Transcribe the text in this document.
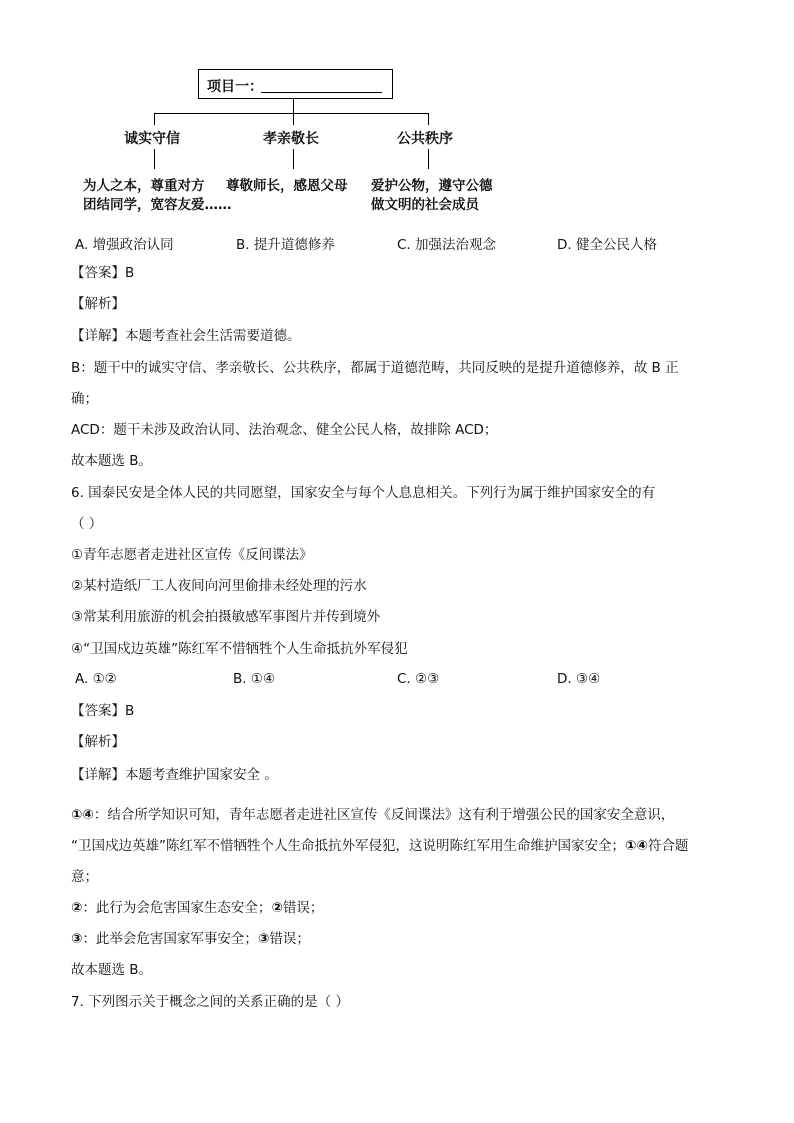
项目一：
诚实守信	孝亲敬长	公共秩序
为人之本，尊重对方
团结同学，宽容友爱……
尊敬师长，感恩父母 爱护公物，遵守公德
做文明的社会成员
A. 增强政治认同	B. 提升道德修养	C. 加强法治观念	D. 健全公民人格
【答案】B
【解析】
【详解】本题考查社会生活需要道德。
B：题干中的诚实守信、孝亲敬长、公共秩序，都属于道德范畴，共同反映的是提升道德修养，故 B 正
确；
ACD：题干未涉及政治认同、法治观念、健全公民人格，故排除 ACD；
故本题选 B。
6. 国泰民安是全体人民的共同愿望，国家安全与每个人息息相关。下列行为属于维护国家安全的有
（ ）
①青年志愿者走进社区宣传《反间谍法》
②某村造纸厂工人夜间向河里偷排未经处理的污水
③常某利用旅游的机会拍摄敏感军事图片并传到境外
④“卫国戍边英雄”陈红军不惜牺牲个人生命抵抗外军侵犯
A. ①②	B. ①④	C. ②③	D. ③④
【答案】B
【解析】
【详解】本题考查维护国家安全 。
①④：结合所学知识可知，青年志愿者走进社区宣传《反间谍法》这有利于增强公民的国家安全意识，
“卫国戍边英雄”陈红军不惜牺牲个人生命抵抗外军侵犯，这说明陈红军用生命维护国家安全；①④符合题
意；
②：此行为会危害国家生态安全；②错误；
③：此举会危害国家军事安全；③错误；
故本题选 B。
7. 下列图示关于概念之间的关系正确的是（ ）
